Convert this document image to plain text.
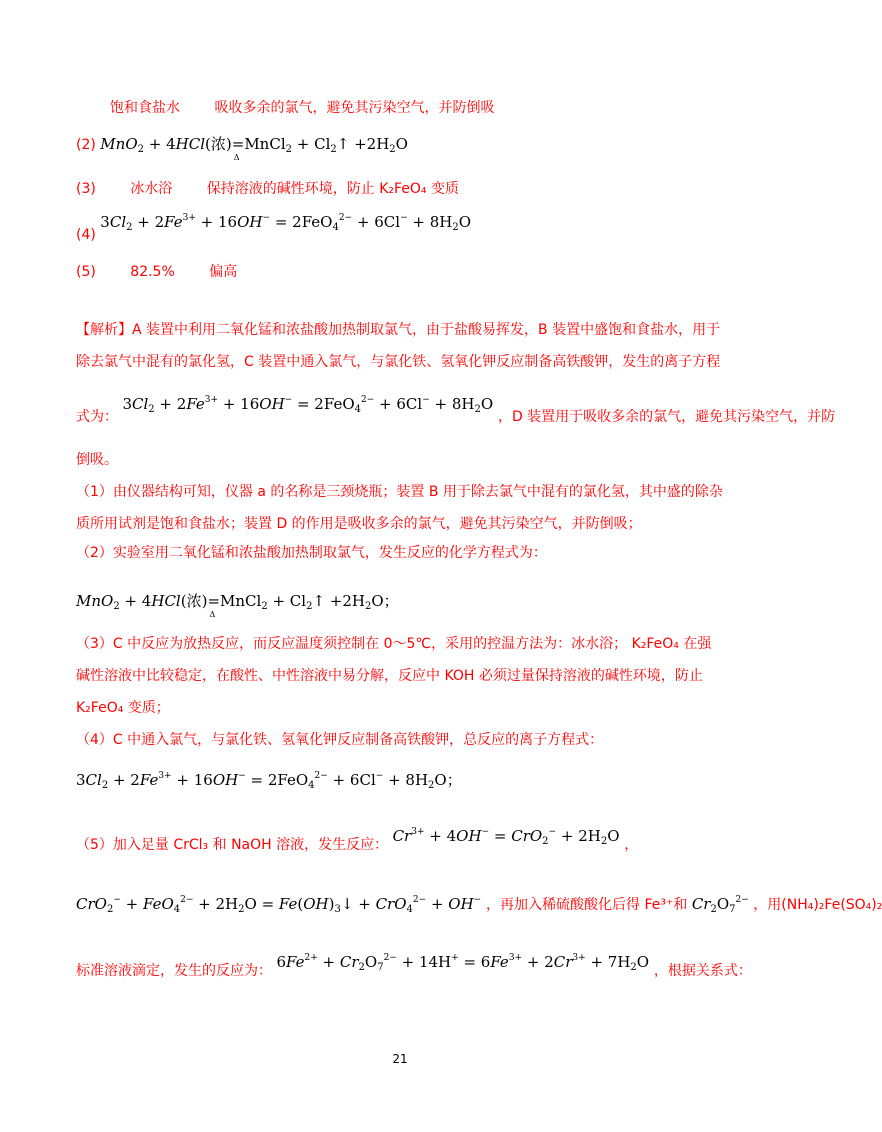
饱和食盐水 吸收多余的氯气，避免其污染空气，并防倒吸
(2) MnO$_2$ + 4HCl(浓)=
Δ
MnCl$_2$ + $Cl_2↑ +2H_2O$
(3) 冰水浴 保持溶液的碱性环境，防止 K₂FeO₄ 变质
(4) $3Cl_2 + 2Fe^{3+} + 16OH^- = 2FeO_4^{2-} + 6Cl^- + 8H_2O$
(5) 82.5% 偏高
【解析】A 装置中利用二氧化锰和浓盐酸加热制取氯气，由于盐酸易挥发，B 装置中盛饱和食盐水，用于除去氯气中混有的氯化氢，C 装置中通入氯气，与氯化铁、氢氧化钾反应制备高铁酸钾，发生的离子方程
式为： $3Cl_2 + 2Fe^{3+} + 16OH^- = 2FeO_4^{2-} + 6Cl^- + 8H_2O$ ，D 装置用于吸收多余的氯气，避免其污染空气，并防
倒吸。
（1）由仪器结构可知，仪器 a 的名称是三颈烧瓶；装置 B 用于除去氯气中混有的氯化氢，其中盛的除杂质所用试剂是饱和食盐水；装置 D 的作用是吸收多余的氯气，避免其污染空气，并防倒吸；
（2）实验室用二氧化锰和浓盐酸加热制取氯气，发生反应的化学方程式为：
MnO$_2$ + 4HCl(浓)=
Δ
MnCl$_2$ + $Cl_2↑ +2H_2O$；
（3）C 中反应为放热反应，而反应温度须控制在 0～5℃，采用的控温方法为：冰水浴； K₂FeO₄ 在强碱性溶液中比较稳定，在酸性、中性溶液中易分解，反应中 KOH 必须过量保持溶液的碱性环境，防止 K₂FeO₄ 变质；
（4）C 中通入氯气，与氯化铁、氢氧化钾反应制备高铁酸钾，总反应的离子方程式：
$3Cl_2 + 2Fe^{3+} + 16OH^- = 2FeO_4^{2-} + 6Cl^- + 8H_2O$；
（5）加入足量 CrCl₃ 和 NaOH 溶液，发生反应： $Cr^{3+} + 4OH^- = CrO_2^- + 2H_2O$ ，
$CrO_2^- + FeO_4^{2-} + 2H_2O$ = $Fe(OH)_3↓ + CrO_4^{2-} + OH^-$ ，再加入稀硫酸酸化后得 Fe³⁺和 $Cr_2O_7^{2-}$ ，用(NH₄)₂Fe(SO₄)₂
标准溶液滴定，发生的反应为： $6Fe^{2+} + Cr_2O_7^{2-} + 14H^+ = 6Fe^{3+} + 2Cr^{3+} + 7H_2O$ ，根据关系式：
21
